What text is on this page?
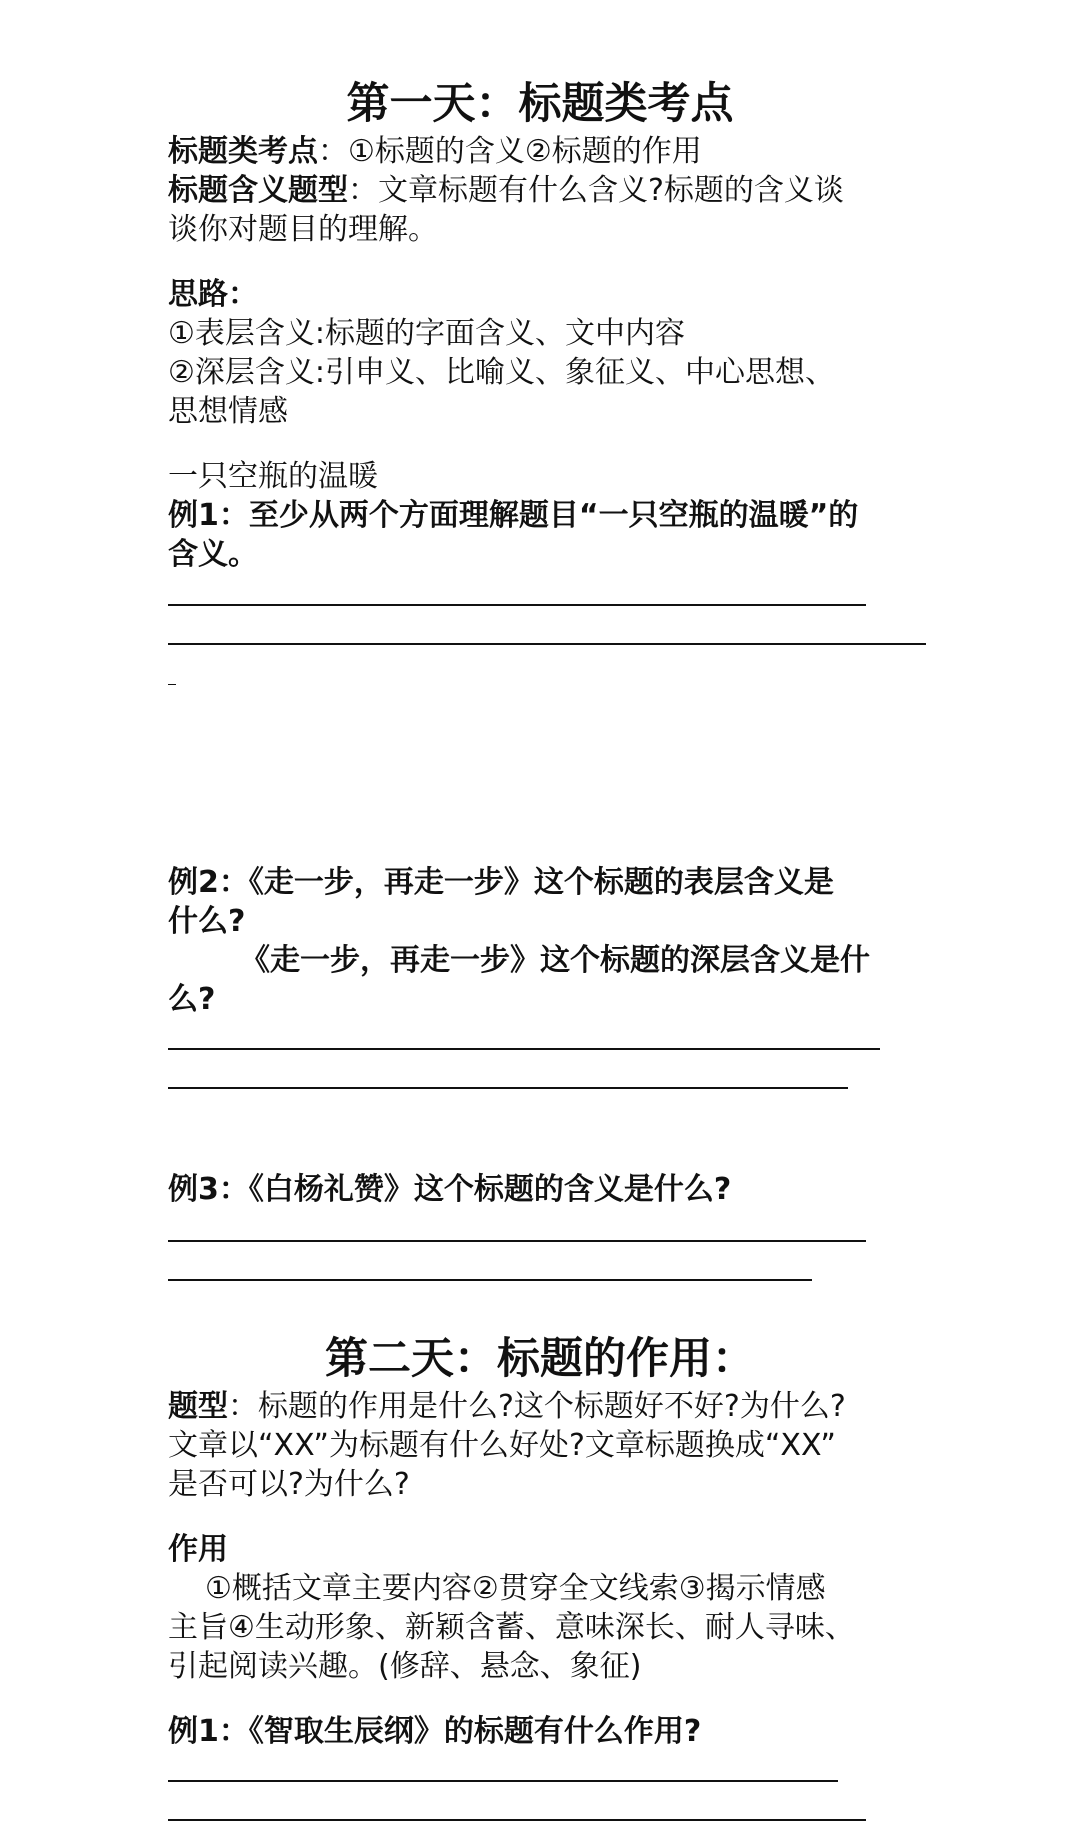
第一天：标题类考点
标题类考点：①标题的含义②标题的作用
标题含义题型：文章标题有什么含义?标题的含义谈
谈你对题目的理解。
思路：
①表层含义:标题的字面含义、文中内容
②深层含义:引申义、比喻义、象征义、中心思想、
思想情感
一只空瓶的温暖
例1：至少从两个方面理解题目“一只空瓶的温暖”的
含义。
例2：《走一步，再走一步》这个标题的表层含义是
什么?
《走一步，再走一步》这个标题的深层含义是什
么?
例3：《白杨礼赞》这个标题的含义是什么?
第二天：标题的作用：
题型：标题的作用是什么?这个标题好不好?为什么?
文章以“XX”为标题有什么好处?文章标题换成“XX”
是否可以?为什么?
作用
①概括文章主要内容②贯穿全文线索③揭示情感
主旨④生动形象、新颖含蓄、意味深长、耐人寻味、
引起阅读兴趣。(修辞、悬念、象征)
例1：《智取生辰纲》的标题有什么作用?
